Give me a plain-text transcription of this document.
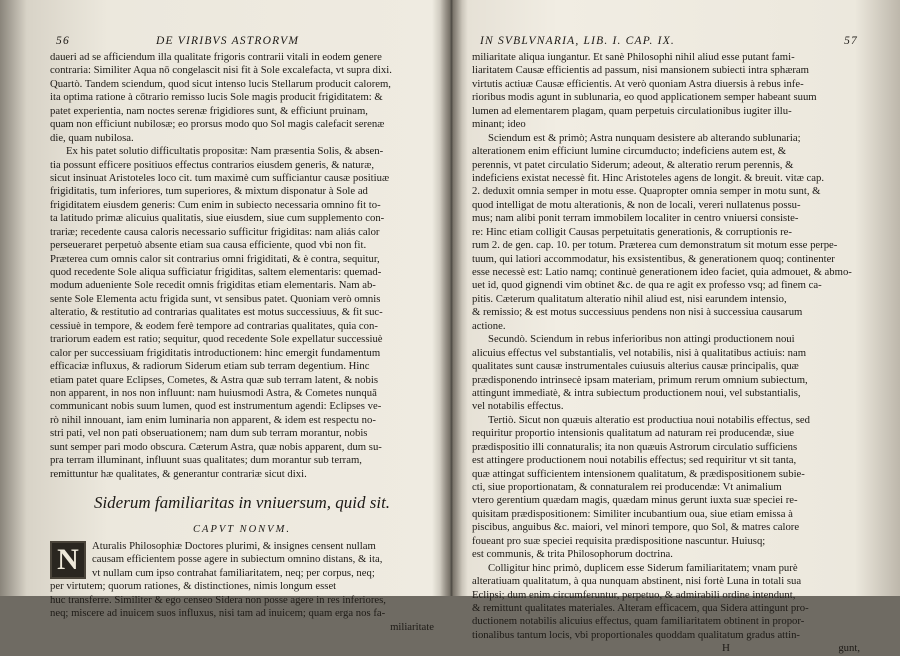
56	DE VIRIBVS ASTRORVM
daueri ad se afficiendum illa qualitate frigoris contrarii vitali in eodem genere
contraria: Similiter Aqua nō congelascit nisi fit à Sole excalefacta, vt supra dixi.
Quartò. Tandem sciendum, quod sicut intenso lucis Stellarum producit calorem,
ita optima ratione à cōtrario remisso lucis Sole magis producit frigiditatem: &
patet experientia, nam noctes serenæ frigidiores sunt, & efficiunt pruinam,
quam non efficiunt nubilosæ; eo prorsus modo quo Sol magis calefacit serenæ
die, quam nubilosa.
Ex his patet solutio difficultatis propositæ: Nam præsentia Solis, & absen-
tia possunt efficere positiuos effectus contrarios eiusdem generis, & naturæ,
sicut insinuat Aristoteles loco cit. tum maximè cum sufficiantur causæ positiuæ
frigiditatis, tum inferiores, tum superiores, & mixtum disponatur à Sole ad
frigiditatem eiusdem generis: Cum enim in subiecto necessaria omnino fit to-
ta latitudo primæ alicuius qualitatis, siue eiusdem, siue cum supplemento con-
trariæ; recedente causa caloris necessario sufficitur frigiditas: nam aliás calor
perseueraret perpetuò absente etiam sua causa efficiente, quod vbi non fit.
Præterea cum omnis calor sit contrarius omni frigiditati, & è contra, sequitur,
quod recedente Sole aliqua sufficiatur frigiditas, saltem elementaris: quemad-
modum adueniente Sole recedit omnis frigiditas etiam elementaris. Nam ab-
sente Sole Elementa actu frigida sunt, vt sensibus patet. Quoniam verò omnis
alteratio, & restitutio ad contrarias qualitates est motus successiuus, & fit suc-
cessiuè in tempore, & eodem ferè tempore ad contrarias qualitates, quia con-
trariorum eadem est ratio; sequitur, quod recedente Sole expellatur successiuè
calor per successiuam frigiditatis introductionem: hinc emergit fundamentum
efficaciæ influxus, & radiorum Siderum etiam sub terram degentium. Hinc
etiam patet quare Eclipses, Cometes, & Astra quæ sub terram latent, & nobis
non apparent, in nos non influunt: nam huiusmodi Astra, & Cometes nunquā
communicant nobis suum lumen, quod est instrumentum agendi: Eclipses ve-
rò nihil innouant, iam enim luminaria non apparent, & idem est respectu no-
stri pati, vel non pati obseruationem; nam dum sub terram morantur, nobis
sunt semper pari modo obscura. Cæterum Astra, quæ nobis apparent, dum su-
pra terram illuminant, influunt suas qualitates; dum morantur sub terram,
remittuntur hæ qualitates, & generantur contrariæ sicut dixi.
Siderum familiaritas in vniuersum, quid sit.
CAPVT NONVM.
N	Aturalis Philosophiæ Doctores plurimi, & insignes censent nullam
causam efficientem posse agere in subiectum omnino distans, & ita,
vt nullam cum ipso contrahat familiaritatem, neq; per corpus, neq;
per virtutem; quorum rationes, & distinctiones, nimis longum esset
huc transferre. Similiter & ego censeo Sidera non posse agere in res inferiores,
neq; miscere ad inuicem suos influxus, nisi tam ad inuicem; quam erga nos fa-
miliaritate
IN SVBLVNARIA, LIB. I. CAP. IX.	57
miliaritate aliqua iungantur. Et sanè Philosophi nihil aliud esse putant fami-
liaritatem Causæ efficientis ad passum, nisi mansionem subiecti intra sphæram
virtutis actiuæ Causæ efficientis. At verò quoniam Astra diuersis à rebus infe-
rioribus modis agunt in sublunaria, eo quod applicationem semper habeant suum
lumen ad elementarem plagam, quam perpetuis circulationibus iugiter illu-
minant; ideo
Sciendum est & primò; Astra nunquam desistere ab alterando sublunaria;
alterationem enim efficiunt lumine circumducto; indeficiens autem est, &
perennis, vt patet circulatio Siderum; adeout, & alteratio rerum perennis, &
indeficiens existat necessè fit. Hinc Aristoteles agens de longit. & breuit. vitæ cap.
2. deduxit omnia semper in motu esse. Quapropter omnia semper in motu sunt, &
quod intelligat de motu alterationis, & non de locali, vereri nullatenus possu-
mus; nam alibi ponit terram immobilem localiter in centro vniuersi consiste-
re: Hinc etiam colligit Causas perpetuitatis generationis, & corruptionis re-
rum 2. de gen. cap. 10. per totum. Præterea cum demonstratum sit motum esse perpe-
tuum, qui latiori accommodatur, his exsistentibus, & generationem quoq; continenter
esse necessè est: Latio namq; continuè generationem ideo faciet, quia admouet, & abmo-
uet id, quod gignendi vim obtinet &c. de qua re agit ex professo vsq; ad finem ca-
pitis. Cæterum qualitatum alteratio nihil aliud est, nisi earundem intensio,
& remissio; & est motus successiuus pendens non nisi à successiua causarum
actione.
Secundò. Sciendum in rebus inferioribus non attingi productionem noui
alicuius effectus vel substantialis, vel notabilis, nisi à qualitatibus actiuis: nam
qualitates sunt causæ instrumentales cuiusuis alterius causæ principalis, quæ
prædisponendo intrinsecè ipsam materiam, primum rerum omnium subiectum,
attingunt immediatè, & intra subiectum productionem noui, vel substantialis,
vel notabilis effectus.
Tertiò. Sicut non quæuis alteratio est productiua noui notabilis effectus, sed
requiritur proportio intensionis qualitatum ad naturam rei producendæ, siue
prædispositio illi connaturalis; ita non quæuis Astrorum circulatio sufficiens
est attingere productionem noui notabilis effectus; sed requiritur vt sit tanta,
quæ attingat sufficientem intensionem qualitatum, & prædispositionem subie-
cti, siue proportionatam, & connaturalem rei producendæ: Vt animalium
vtero gerentium quædam magis, quædam minus gerunt iuxta suæ speciei re-
quisitam prædispositionem: Similiter incubantium oua, siue etiam emissa à
piscibus, anguibus &c. maiori, vel minori tempore, quo Sol, & matres calore
foueant pro suæ speciei requisita prædispositione nascuntur. Huiusq;
est communis, & trita Philosophorum doctrina.
Colligitur hinc primò, duplicem esse Siderum familiaritatem; vnam purè
alteratiuam qualitatum, à qua nunquam abstinent, nisi fortè Luna in totali sua
Eclipsi; dum enim circumferuntur, perpetuo, & admirabili ordine intendunt,
& remittunt qualitates materiales. Alteram efficacem, qua Sidera attingunt pro-
ductionem notabilis alicuius effectus, quam familiaritatem obtinent in propor-
tionalibus tantum locis, vbi proportionales quoddam qualitatum gradus attin-
H	gunt,
